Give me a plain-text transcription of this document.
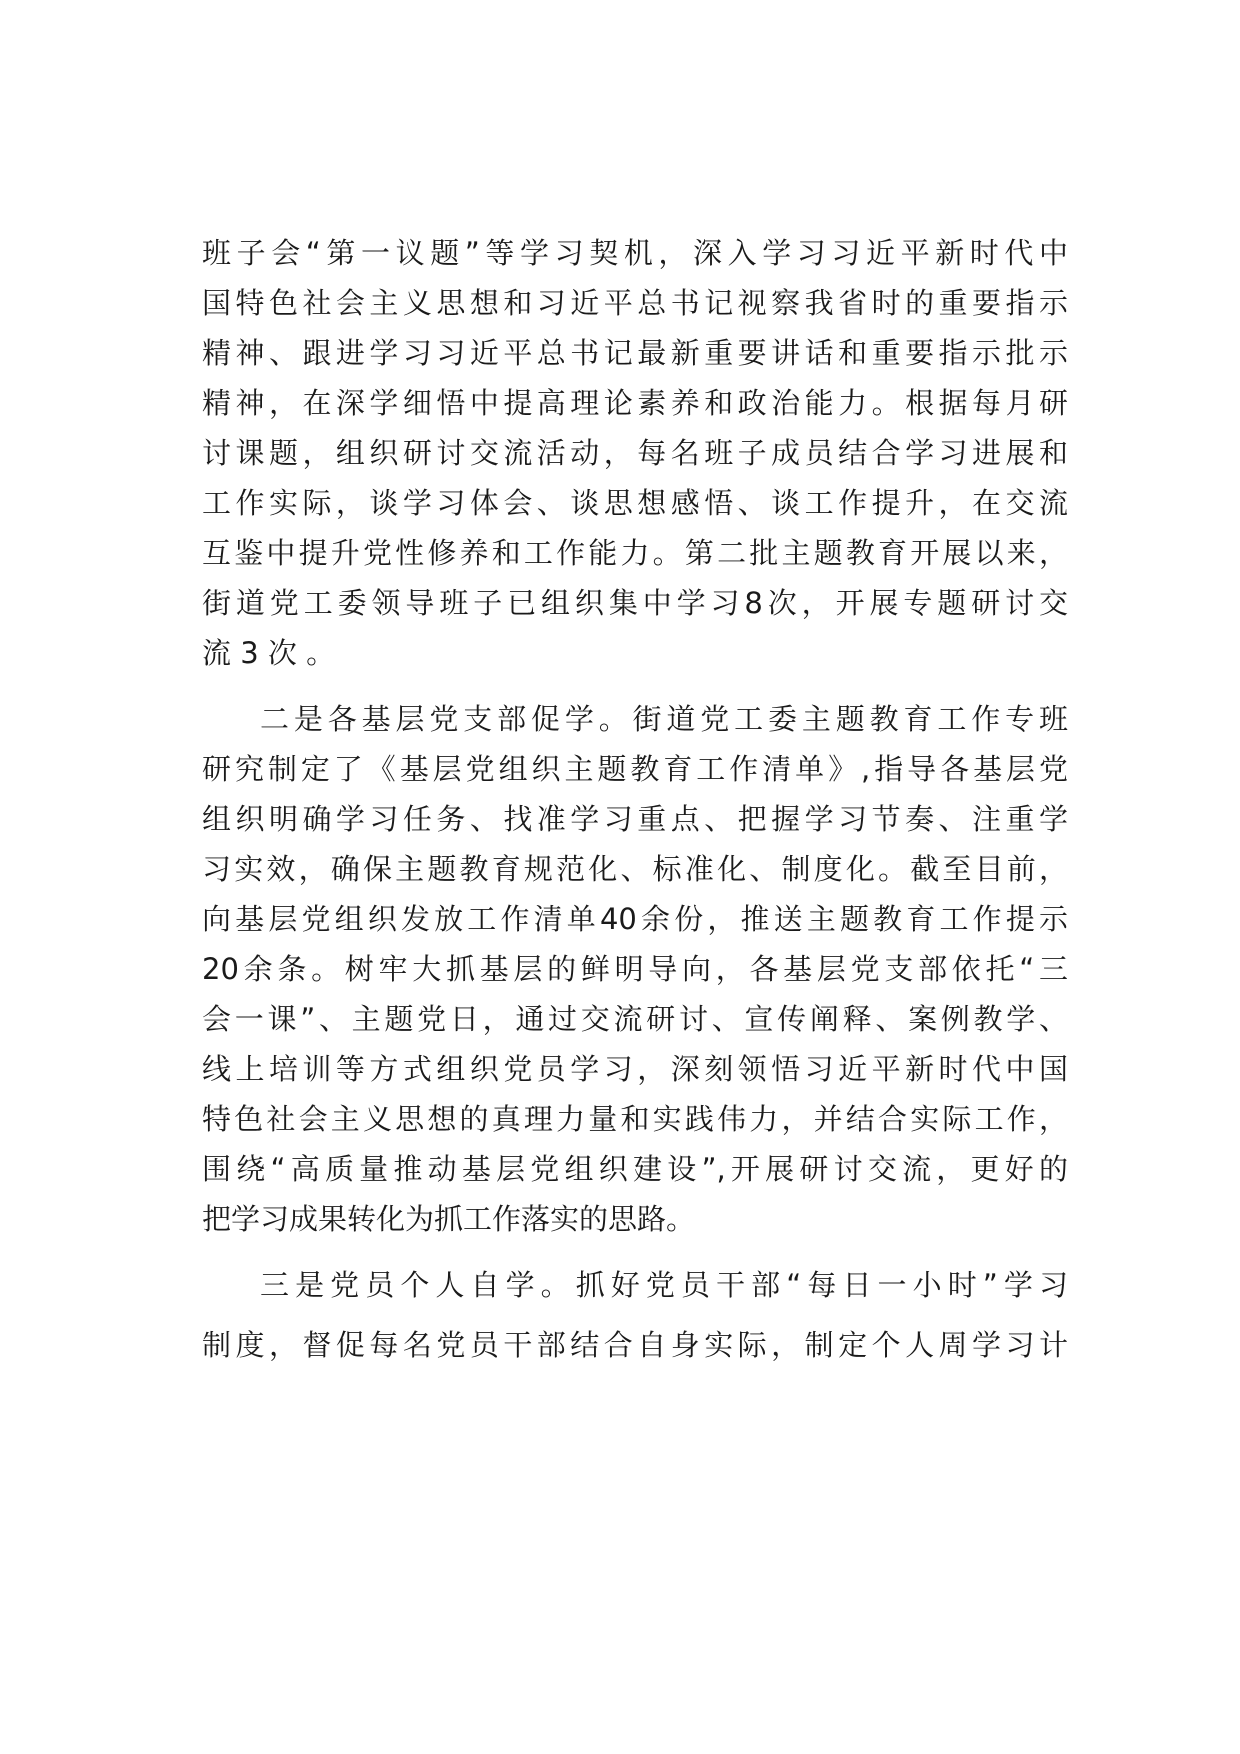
班子会“第一议题”等学习契机，深入学习习近平新时代中
国特色社会主义思想和习近平总书记视察我省时的重要指示
精神、跟进学习习近平总书记最新重要讲话和重要指示批示
精神，在深学细悟中提高理论素养和政治能力。根据每月研
讨课题，组织研讨交流活动，每名班子成员结合学习进展和
工作实际，谈学习体会、谈思想感悟、谈工作提升，在交流
互鉴中提升党性修养和工作能力。第二批主题教育开展以来，
街道党工委领导班子已组织集中学习8次，开展专题研讨交
流 3 次 。
二是各基层党支部促学。街道党工委主题教育工作专班
研究制定了《基层党组织主题教育工作清单》,指导各基层党
组织明确学习任务、找准学习重点、把握学习节奏、注重学
习实效，确保主题教育规范化、标准化、制度化。截至目前，
向基层党组织发放工作清单40余份，推送主题教育工作提示
20余条。树牢大抓基层的鲜明导向，各基层党支部依托“三
会一课”、主题党日，通过交流研讨、宣传阐释、案例教学、
线上培训等方式组织党员学习，深刻领悟习近平新时代中国
特色社会主义思想的真理力量和实践伟力，并结合实际工作，
围绕“高质量推动基层党组织建设”,开展研讨交流，更好的
把学习成果转化为抓工作落实的思路。
三是党员个人自学。抓好党员干部“每日一小时”学习
制度，督促每名党员干部结合自身实际，制定个人周学习计
